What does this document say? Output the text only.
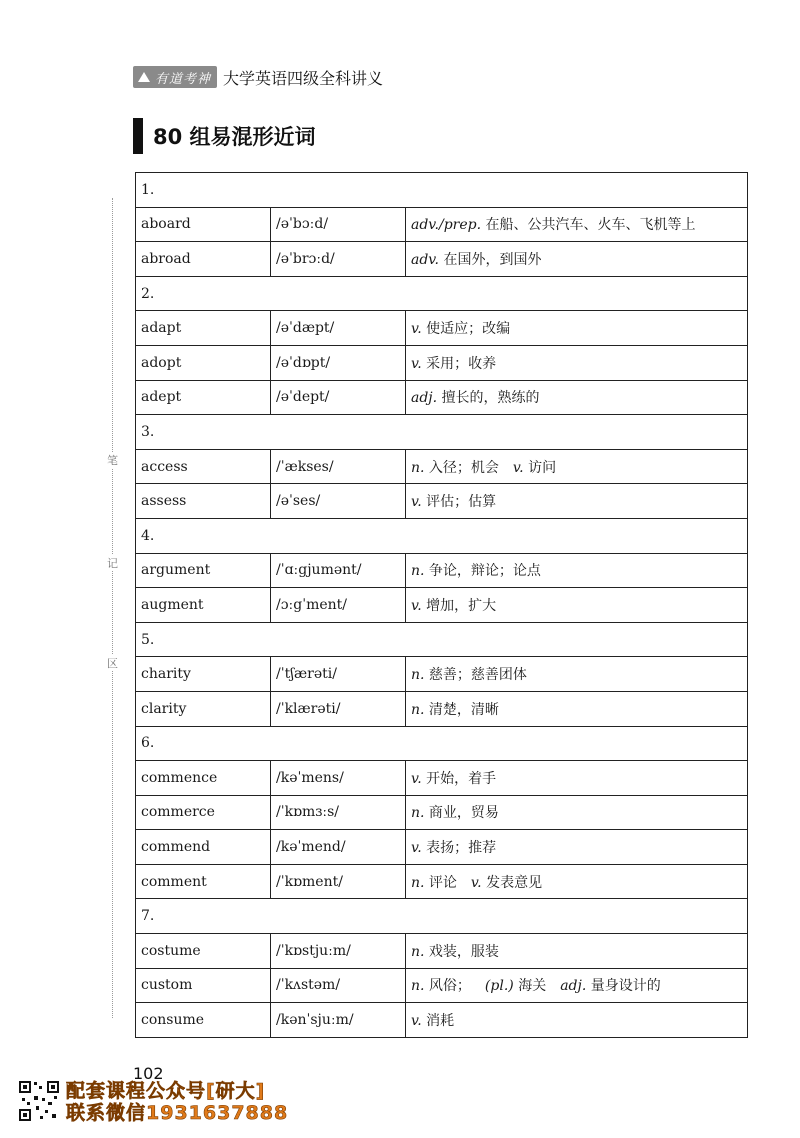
有道考神 大学英语四级全科讲义
80 组易混形近词
笔
记
区
1.		
aboard	/əˈbɔːd/	adv./prep. 在船、公共汽车、火车、飞机等上
abroad	/əˈbrɔːd/	adv. 在国外，到国外
2.		
adapt	/əˈdæpt/	v. 使适应；改编
adopt	/əˈdɒpt/	v. 采用；收养
adept	/əˈdept/	adj. 擅长的，熟练的
3.		
access	/ˈækses/	n. 入径；机会  v. 访问
assess	/əˈses/	v. 评估；估算
4.		
argument	/ˈɑːgjumənt/	n. 争论，辩论；论点
augment	/ɔːgˈment/	v. 增加，扩大
5.		
charity	/ˈtʃærəti/	n. 慈善；慈善团体
clarity	/ˈklærəti/	n. 清楚，清晰
6.		
commence	/kəˈmens/	v. 开始，着手
commerce	/ˈkɒmɜːs/	n. 商业，贸易
commend	/kəˈmend/	v. 表扬；推荐
comment	/ˈkɒment/	n. 评论  v. 发表意见
7.		
costume	/ˈkɒstjuːm/	n. 戏装，服装
custom	/ˈkʌstəm/	n. 风俗；  (pl.) 海关  adj. 量身设计的
consume	/kənˈsjuːm/	v. 消耗
102
配套课程公众号[研大]
联系微信1931637888
